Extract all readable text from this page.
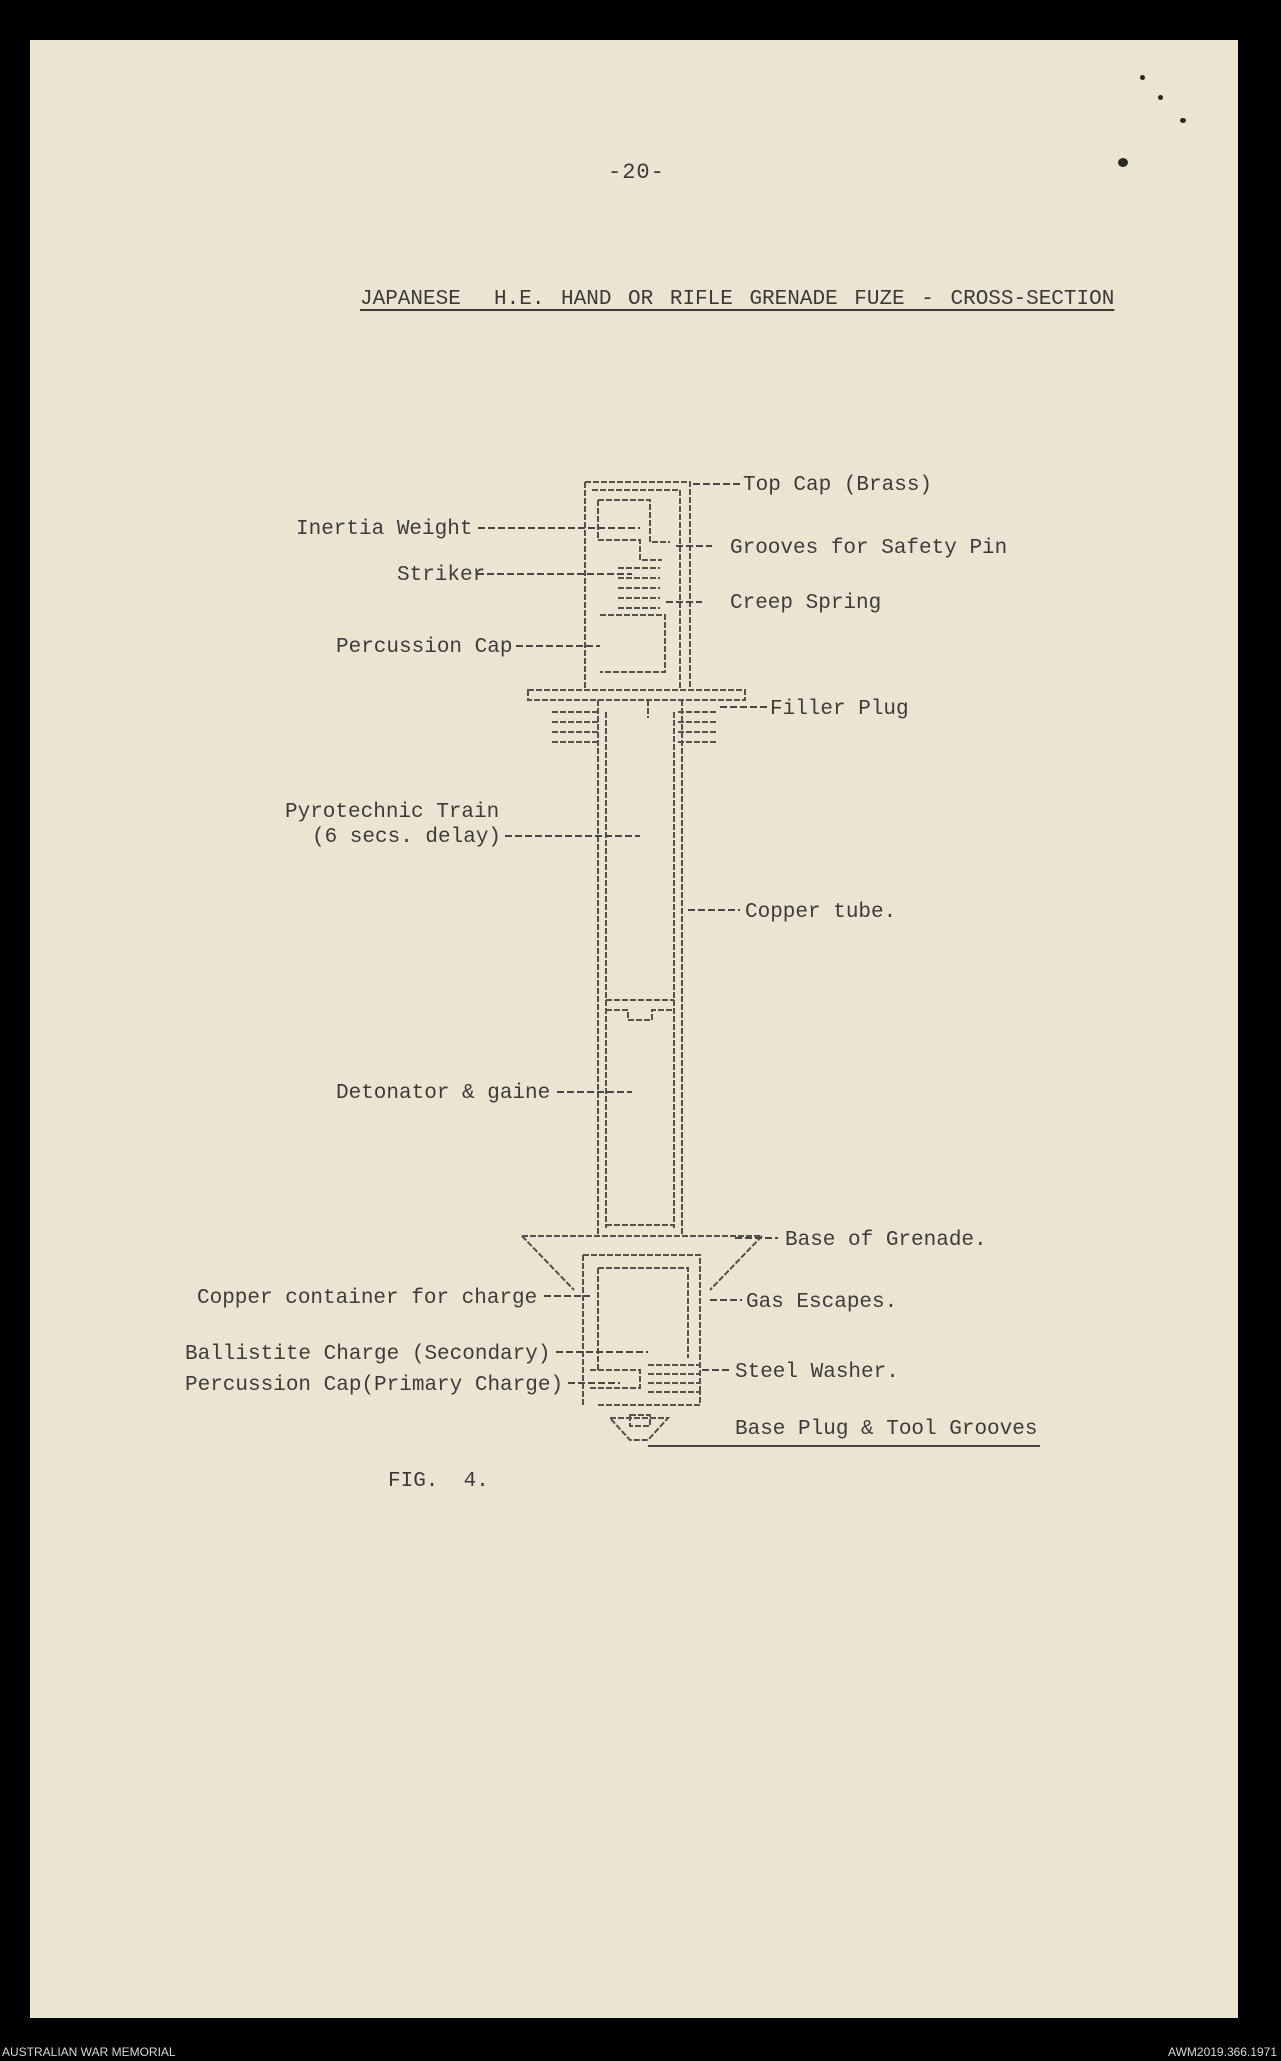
-20-
JAPANESE  H.E. HAND OR RIFLE GRENADE FUZE - CROSS-SECTION
Top Cap (Brass)
Inertia Weight
Grooves for Safety Pin
Striker
Creep Spring
Percussion Cap
Filler Plug
Pyrotechnic Train
(6 secs. delay)
Copper tube.
Detonator & gaine
Base of Grenade.
Copper container for charge	Gas Escapes.
Ballistite Charge (Secondary)
Steel Washer.
Percussion Cap(Primary Charge)
Base Plug & Tool Grooves
FIG.  4.
AUSTRALIAN WAR MEMORIAL	AWM2019.366.1971
